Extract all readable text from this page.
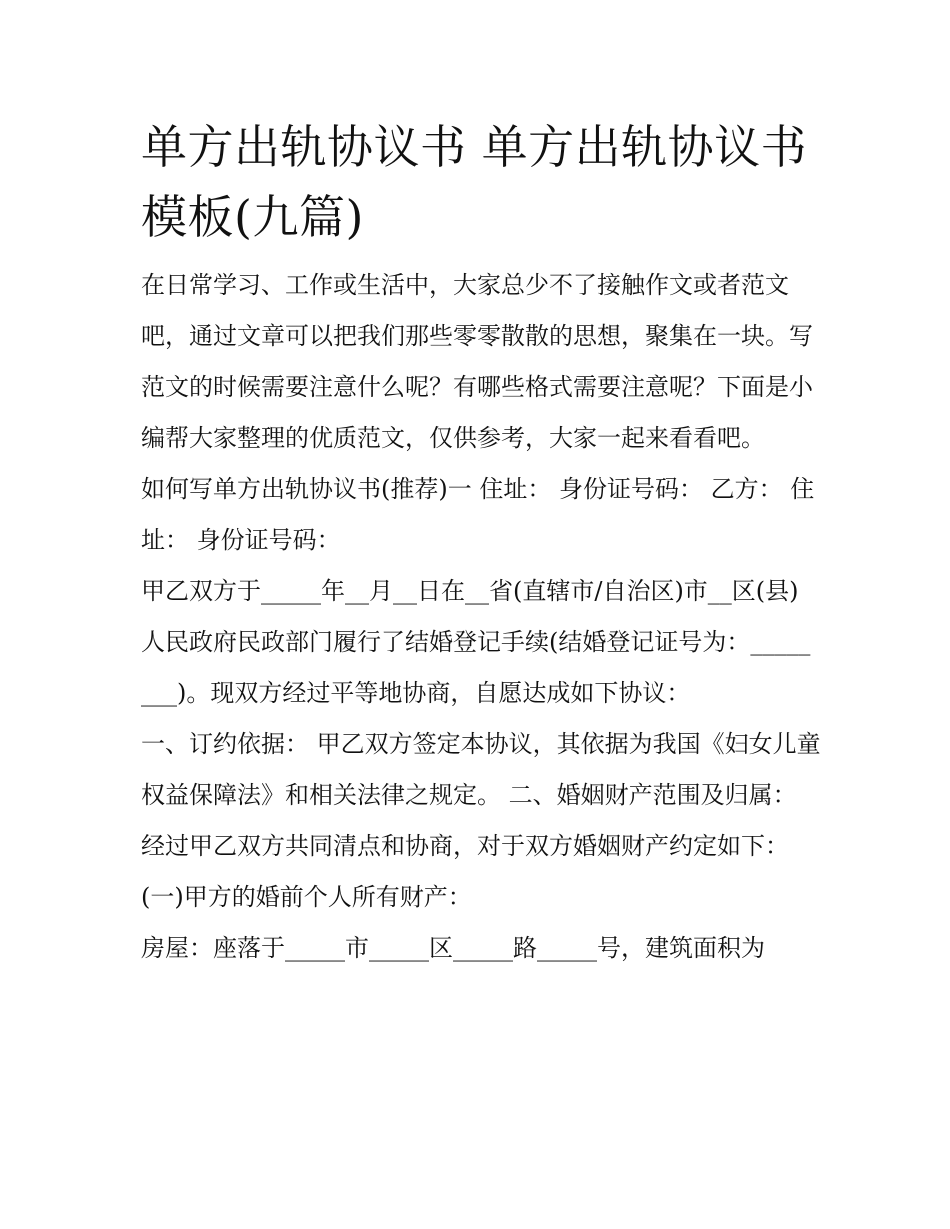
单方出轨协议书 单方出轨协议书模板(九篇)

在日常学习、工作或生活中，大家总少不了接触作文或者范文吧，通过文章可以把我们那些零零散散的思想，聚集在一块。写范文的时候需要注意什么呢？有哪些格式需要注意呢？下面是小编帮大家整理的优质范文，仅供参考，大家一起来看看吧。

如何写单方出轨协议书(推荐)一 住址： 身份证号码： 乙方： 住址： 身份证号码：

甲乙双方于_____年__月__日在__省(直辖市/自治区)市__区(县)人民政府民政部门履行了结婚登记手续(结婚登记证号为：________)。现双方经过平等地协商，自愿达成如下协议：

一、订约依据： 甲乙双方签定本协议，其依据为我国《妇女儿童权益保障法》和相关法律之规定。 二、婚姻财产范围及归属：

经过甲乙双方共同清点和协商，对于双方婚姻财产约定如下：

(一)甲方的婚前个人所有财产：

房屋：座落于_____市_____区_____路_____号，建筑面积为
